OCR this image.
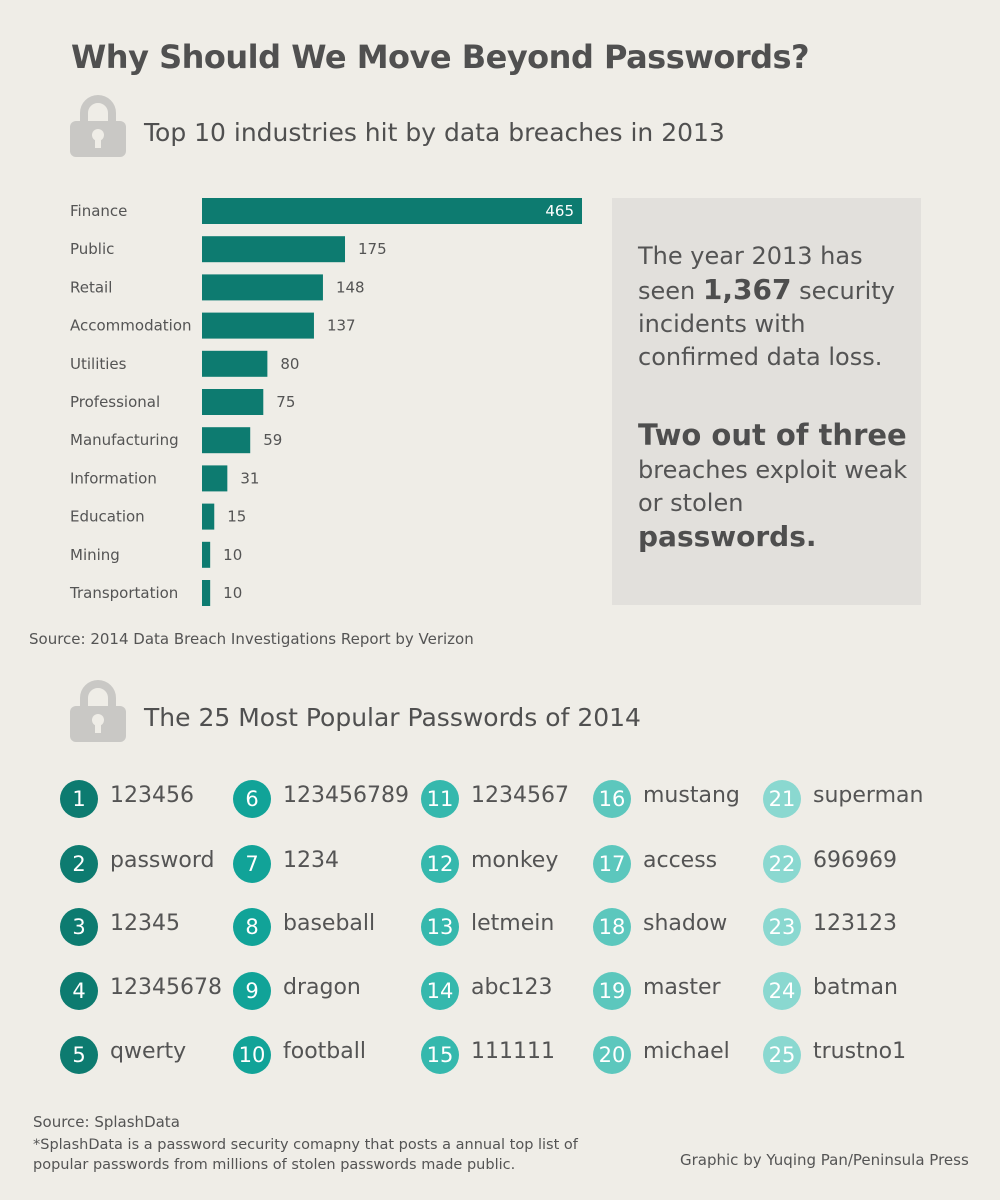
Why Should We Move Beyond Passwords?
Top 10 industries hit by data breaches in 2013
Finance	465
Public	175
Retail	148
Accommodation	137
Utilities	80
Professional	75
Manufacturing	59
Information	31
Education	15
Mining	10
Transportation	10
Source: 2014 Data Breach Investigations Report by Verizon
The year 2013 has seen 1,367 security incidents with confirmed data loss.
Two out of three
breaches exploit weak or stolen passwords.
The 25 Most Popular Passwords of 2014
1	123456
2	password
3	12345
4	12345678
5	qwerty
6	123456789
7	1234
8	baseball
9	dragon
10 football
11 1234567
12 monkey
13 letmein
14 abc123
15 111111
16 mustang
17 access
18 shadow
19 master
20 michael
21 superman
22 696969
23 123123
24 batman
25 trustno1
Source: SplashData
*SplashData is a password security comapny that posts a annual top list of popular passwords from millions of stolen passwords made public.	Graphic by Yuqing Pan/Peninsula Press
